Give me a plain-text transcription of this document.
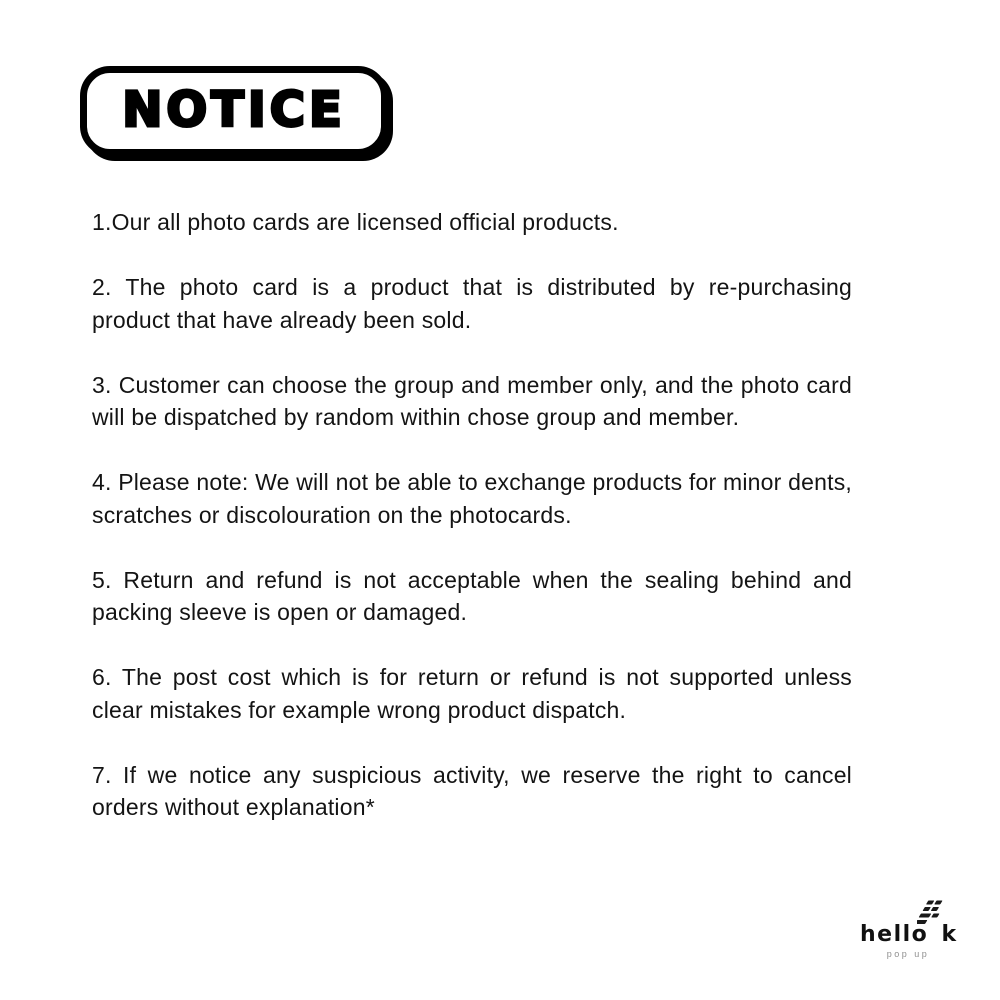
NOTICE

1.Our all photo cards are licensed official products.

2. The photo card is a product that is distributed by re-purchasing product that have already been sold.

3. Customer can choose the group and member only, and the photo card will be dispatched by random within chose group and member.

4. Please note: We will not be able to exchange products for minor dents, scratches or discolouration on the photocards.

5. Return and refund is not acceptable when the sealing behind and packing sleeve is open or damaged.

6. The post cost which is for return or refund is not supported unless clear mistakes for example wrong product dispatch.

7. If we notice any suspicious activity, we reserve the right to cancel orders without explanation*

hello k
pop up
